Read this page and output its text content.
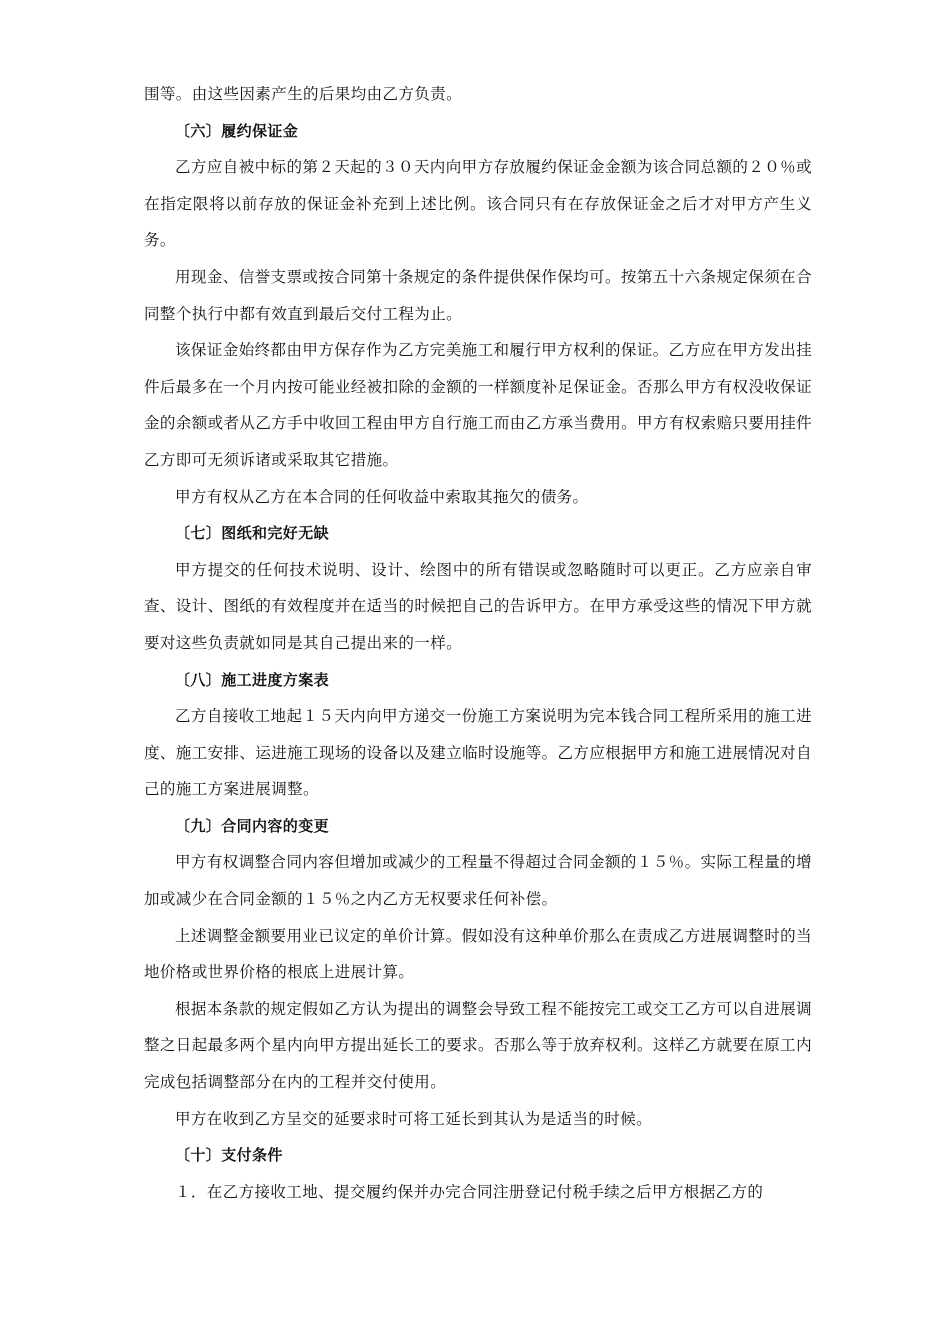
围等。由这些因素产生的后果均由乙方负责。

〔六〕履约保证金

乙方应自被中标的第２天起的３０天内向甲方存放履约保证金金额为该合同总额的２０％或在指定限将以前存放的保证金补充到上述比例。该合同只有在存放保证金之后才对甲方产生义务。

用现金、信誉支票或按合同第十条规定的条件提供保作保均可。按第五十六条规定保须在合同整个执行中都有效直到最后交付工程为止。

该保证金始终都由甲方保存作为乙方完美施工和履行甲方权利的保证。乙方应在甲方发出挂件后最多在一个月内按可能业经被扣除的金额的一样额度补足保证金。否那么甲方有权没收保证金的余额或者从乙方手中收回工程由甲方自行施工而由乙方承当费用。甲方有权索赔只要用挂件乙方即可无须诉诸或采取其它措施。

甲方有权从乙方在本合同的任何收益中索取其拖欠的债务。

〔七〕图纸和完好无缺

甲方提交的任何技术说明、设计、绘图中的所有错误或忽略随时可以更正。乙方应亲自审查、设计、图纸的有效程度并在适当的时候把自己的告诉甲方。在甲方承受这些的情况下甲方就要对这些负责就如同是其自己提出来的一样。

〔八〕施工进度方案表

乙方自接收工地起１５天内向甲方递交一份施工方案说明为完本钱合同工程所采用的施工进度、施工安排、运进施工现场的设备以及建立临时设施等。乙方应根据甲方和施工进展情况对自己的施工方案进展调整。

〔九〕合同内容的变更

甲方有权调整合同内容但增加或减少的工程量不得超过合同金额的１５％。实际工程量的增加或减少在合同金额的１５％之内乙方无权要求任何补偿。

上述调整金额要用业已议定的单价计算。假如没有这种单价那么在责成乙方进展调整时的当地价格或世界价格的根底上进展计算。

根据本条款的规定假如乙方认为提出的调整会导致工程不能按完工或交工乙方可以自进展调整之日起最多两个星内向甲方提出延长工的要求。否那么等于放弃权利。这样乙方就要在原工内完成包括调整部分在内的工程并交付使用。

甲方在收到乙方呈交的延要求时可将工延长到其认为是适当的时候。

〔十〕支付条件

１．在乙方接收工地、提交履约保并办完合同注册登记付税手续之后甲方根据乙方的
